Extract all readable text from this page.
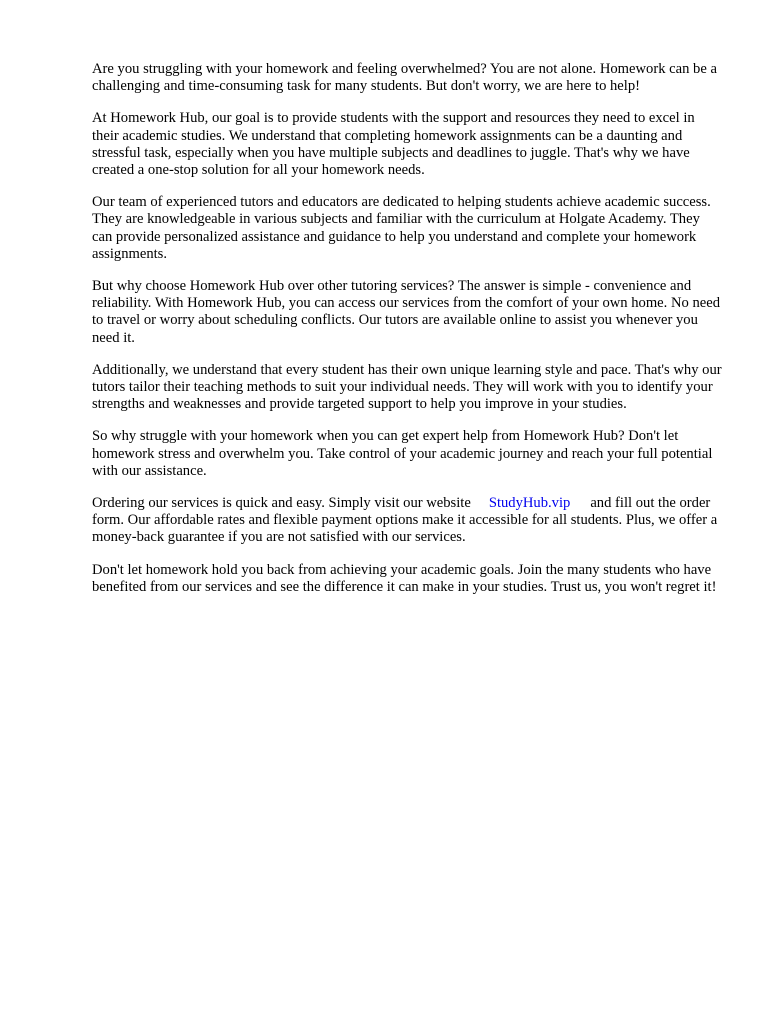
Are you struggling with your homework and feeling overwhelmed? You are not alone. Homework can be a challenging and time-consuming task for many students. But don't worry, we are here to help!

At Homework Hub, our goal is to provide students with the support and resources they need to excel in their academic studies. We understand that completing homework assignments can be a daunting and stressful task, especially when you have multiple subjects and deadlines to juggle. That's why we have created a one-stop solution for all your homework needs.

Our team of experienced tutors and educators are dedicated to helping students achieve academic success. They are knowledgeable in various subjects and familiar with the curriculum at Holgate Academy. They can provide personalized assistance and guidance to help you understand and complete your homework assignments.

But why choose Homework Hub over other tutoring services? The answer is simple - convenience and reliability. With Homework Hub, you can access our services from the comfort of your own home. No need to travel or worry about scheduling conflicts. Our tutors are available online to assist you whenever you need it.

Additionally, we understand that every student has their own unique learning style and pace. That's why our tutors tailor their teaching methods to suit your individual needs. They will work with you to identify your strengths and weaknesses and provide targeted support to help you improve in your studies.

So why struggle with your homework when you can get expert help from Homework Hub? Don't let homework stress and overwhelm you. Take control of your academic journey and reach your full potential with our assistance.

Ordering our services is quick and easy. Simply visit our website StudyHub.vip and fill out the order form. Our affordable rates and flexible payment options make it accessible for all students. Plus, we offer a money-back guarantee if you are not satisfied with our services.

Don't let homework hold you back from achieving your academic goals. Join the many students who have benefited from our services and see the difference it can make in your studies. Trust us, you won't regret it!
